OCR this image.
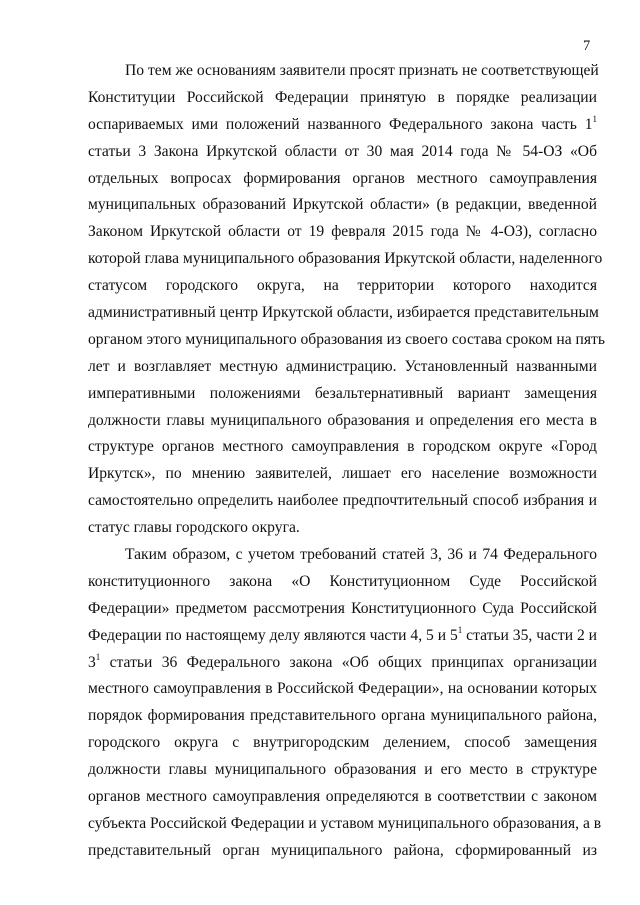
7
По тем же основаниям заявители просят признать не соответствующей
Конституции Российской Федерации принятую в порядке реализации
оспариваемых ими положений названного Федерального закона часть $1^1$
статьи 3 Закона Иркутской области от 30 мая 2014 года № 54-ОЗ «Об
отдельных вопросах формирования органов местного самоуправления
муниципальных образований Иркутской области» (в редакции, введенной
Законом Иркутской области от 19 февраля 2015 года № 4-ОЗ), согласно
которой глава муниципального образования Иркутской области, наделенного
статусом городского округа, на территории которого находится
административный центр Иркутской области, избирается представительным
органом этого муниципального образования из своего состава сроком на пять
лет и возглавляет местную администрацию. Установленный названными
императивными положениями безальтернативный вариант замещения
должности главы муниципального образования и определения его места в
структуре органов местного самоуправления в городском округе «Город
Иркутск», по мнению заявителей, лишает его население возможности
самостоятельно определить наиболее предпочтительный способ избрания и
статус главы городского округа.
Таким образом, с учетом требований статей 3, 36 и 74 Федерального
конституционного закона «О Конституционном Суде Российской
Федерации» предметом рассмотрения Конституционного Суда Российской
Федерации по настоящему делу являются части 4, 5 и $5^1$ статьи 35, части 2 и
$3^1$ статьи 36 Федерального закона «Об общих принципах организации
местного самоуправления в Российской Федерации», на основании которых
порядок формирования представительного органа муниципального района,
городского округа с внутригородским делением, способ замещения
должности главы муниципального образования и его место в структуре
органов местного самоуправления определяются в соответствии с законом
субъекта Российской Федерации и уставом муниципального образования, а в
представительный орган муниципального района, сформированный из
